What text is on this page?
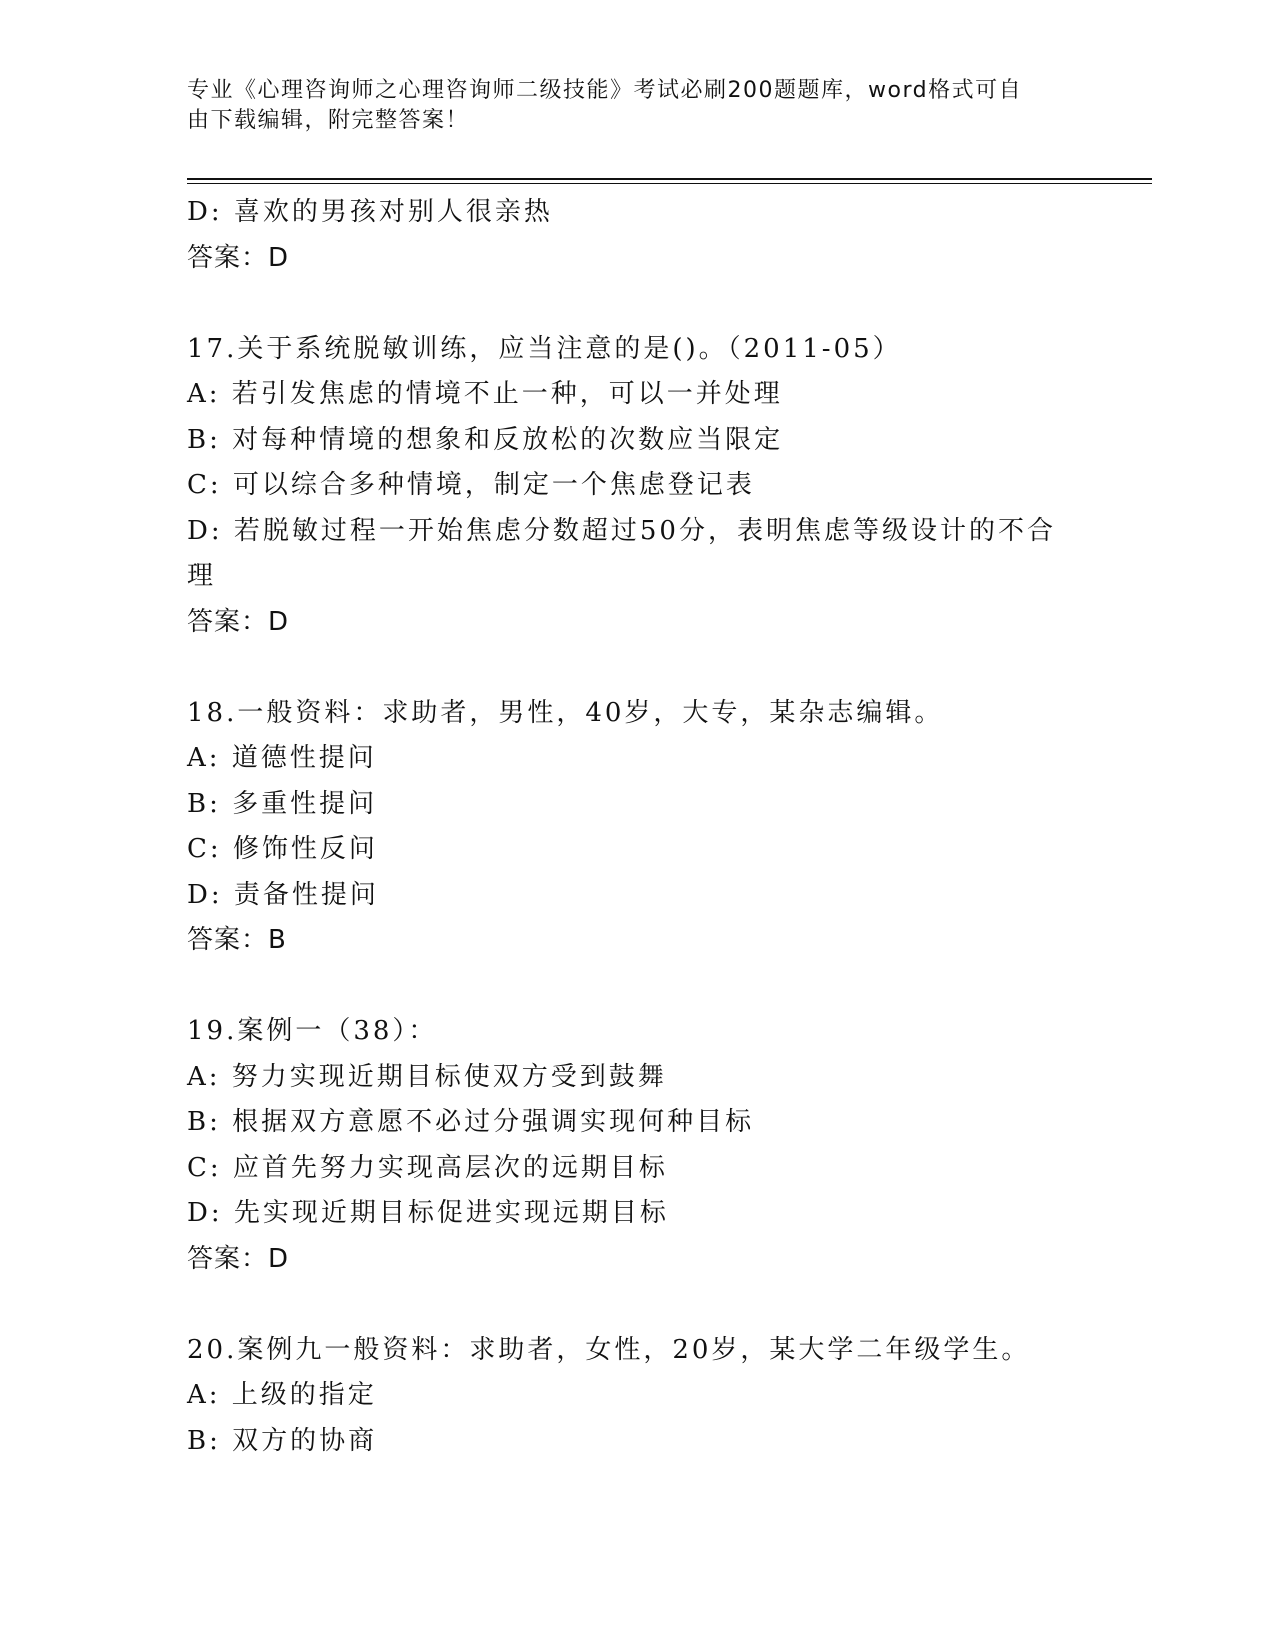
专业《心理咨询师之心理咨询师二级技能》考试必刷200题题库，word格式可自
由下载编辑，附完整答案！
D: 喜欢的男孩对别人很亲热
答案：D
17.关于系统脱敏训练，应当注意的是()。（2011-05）
A: 若引发焦虑的情境不止一种，可以一并处理
B: 对每种情境的想象和反放松的次数应当限定
C: 可以综合多种情境，制定一个焦虑登记表
D: 若脱敏过程一开始焦虑分数超过50分，表明焦虑等级设计的不合
理
答案：D
18.一般资料：求助者，男性，40岁，大专，某杂志编辑。
A: 道德性提问
B: 多重性提问
C: 修饰性反问
D: 责备性提问
答案：B
19.案例一（38）：
A: 努力实现近期目标使双方受到鼓舞
B: 根据双方意愿不必过分强调实现何种目标
C: 应首先努力实现高层次的远期目标
D: 先实现近期目标促进实现远期目标
答案：D
20.案例九一般资料：求助者，女性，20岁，某大学二年级学生。
A: 上级的指定
B: 双方的协商
